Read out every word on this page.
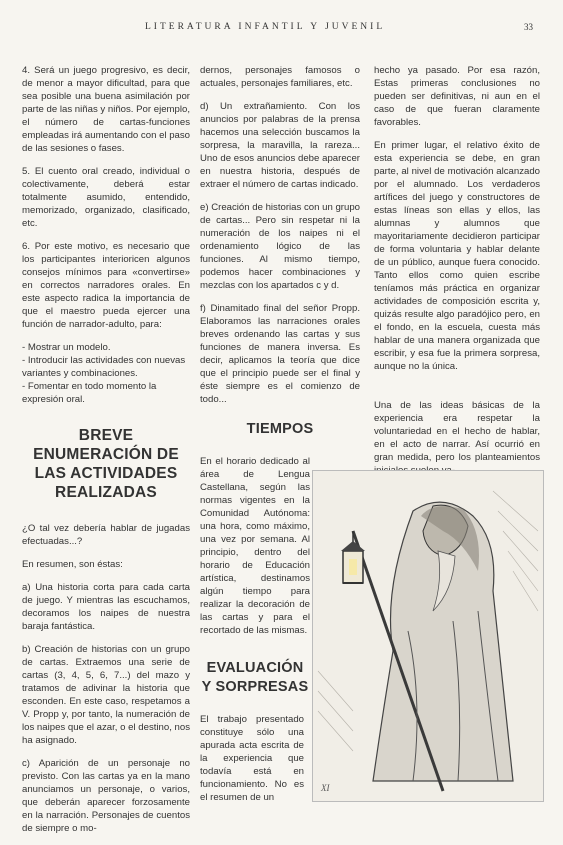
LITERATURA INFANTIL Y JUVENIL	33

4. Será un juego progresivo, es decir, de menor a mayor dificultad, para que sea posible una buena asimilación por parte de las niñas y niños. Por ejemplo, el número de cartas-funciones empleadas irá aumentando con el paso de las sesiones o fases.

5. El cuento oral creado, individual o colectivamente, deberá estar totalmente asumido, entendido, memorizado, organizado, clasificado, etc.

6. Por este motivo, es necesario que los participantes interioricen algunos consejos mínimos para «convertirse» en correctos narradores orales. En este aspecto radica la importancia de que el maestro pueda ejercer una función de narrador-adulto, para:

- Mostrar un modelo.
- Introducir las actividades con nuevas variantes y combinaciones.
- Fomentar en todo momento la expresión oral.
BREVE ENUMERACIÓN DE LAS ACTIVIDADES REALIZADAS

¿O tal vez debería hablar de jugadas efectuadas...?

En resumen, son éstas:

a) Una historia corta para cada carta de juego. Y mientras las escuchamos, decoramos los naipes de nuestra baraja fantástica.

b) Creación de historias con un grupo de cartas. Extraemos una serie de cartas (3, 4, 5, 6, 7...) del mazo y tratamos de adivinar la historia que esconden. En este caso, respetamos a V. Propp y, por tanto, la numeración de los naipes que el azar, o el destino, nos ha asignado.

c) Aparición de un personaje no previsto. Con las cartas ya en la mano anunciamos un personaje, o varios, que deberán aparecer forzosamente en la narración. Personajes de cuentos de siempre o mo-

dernos, personajes famosos o actuales, personajes familiares, etc.

d) Un extrañamiento. Con los anuncios por palabras de la prensa hacemos una selección buscamos la sorpresa, la maravilla, la rareza... Uno de esos anuncios debe aparecer en nuestra historia, después de extraer el número de cartas indicado.

e) Creación de historias con un grupo de cartas... Pero sin respetar ni la numeración de los naipes ni el ordenamiento lógico de las funciones. Al mismo tiempo, podemos hacer combinaciones y mezclas con los apartados c y d.

f) Dinamitado final del señor Propp. Elaboramos las narraciones orales breves ordenando las cartas y sus funciones de manera inversa. Es decir, aplicamos la teoría que dice que el principio puede ser el final y éste siempre es el comienzo de todo...

TIEMPOS

En el horario dedicado al área de Lengua Castellana, según las normas vigentes en la Comunidad Autónoma: una hora, como máximo, una vez por semana. Al principio, dentro del horario de Educación artística, destinamos algún tiempo para realizar la decoración de las cartas y para el recortado de las mismas.

EVALUACIÓN Y SORPRESAS

El trabajo presentado constituye sólo una apurada acta escrita de la experiencia que todavía está en funcionamiento. No es el resumen de un

hecho ya pasado. Por esa razón, Estas primeras conclusiones no pueden ser definitivas, ni aun en el caso de que fueran claramente favorables.

En primer lugar, el relativo éxito de esta experiencia se debe, en gran parte, al nivel de motivación alcanzado por el alumnado. Los verdaderos artífices del juego y constructores de estas líneas son ellas y ellos, las alumnas y alumnos que mayoritariamente decidieron participar de forma voluntaria y hablar delante de un público, aunque fuera conocido. Tanto ellos como quien escribe teníamos más práctica en organizar actividades de composición escrita y, quizás resulte algo paradójico pero, en el fondo, en la escuela, cuesta más hablar de una manera organizada que escribir, y esa fue la primera sorpresa, aunque no la única.

Una de las ideas básicas de la experiencia era respetar la voluntariedad en el hecho de hablar, en el acto de narrar. Así ocurrió en gran medida, pero los planteamientos

XI
